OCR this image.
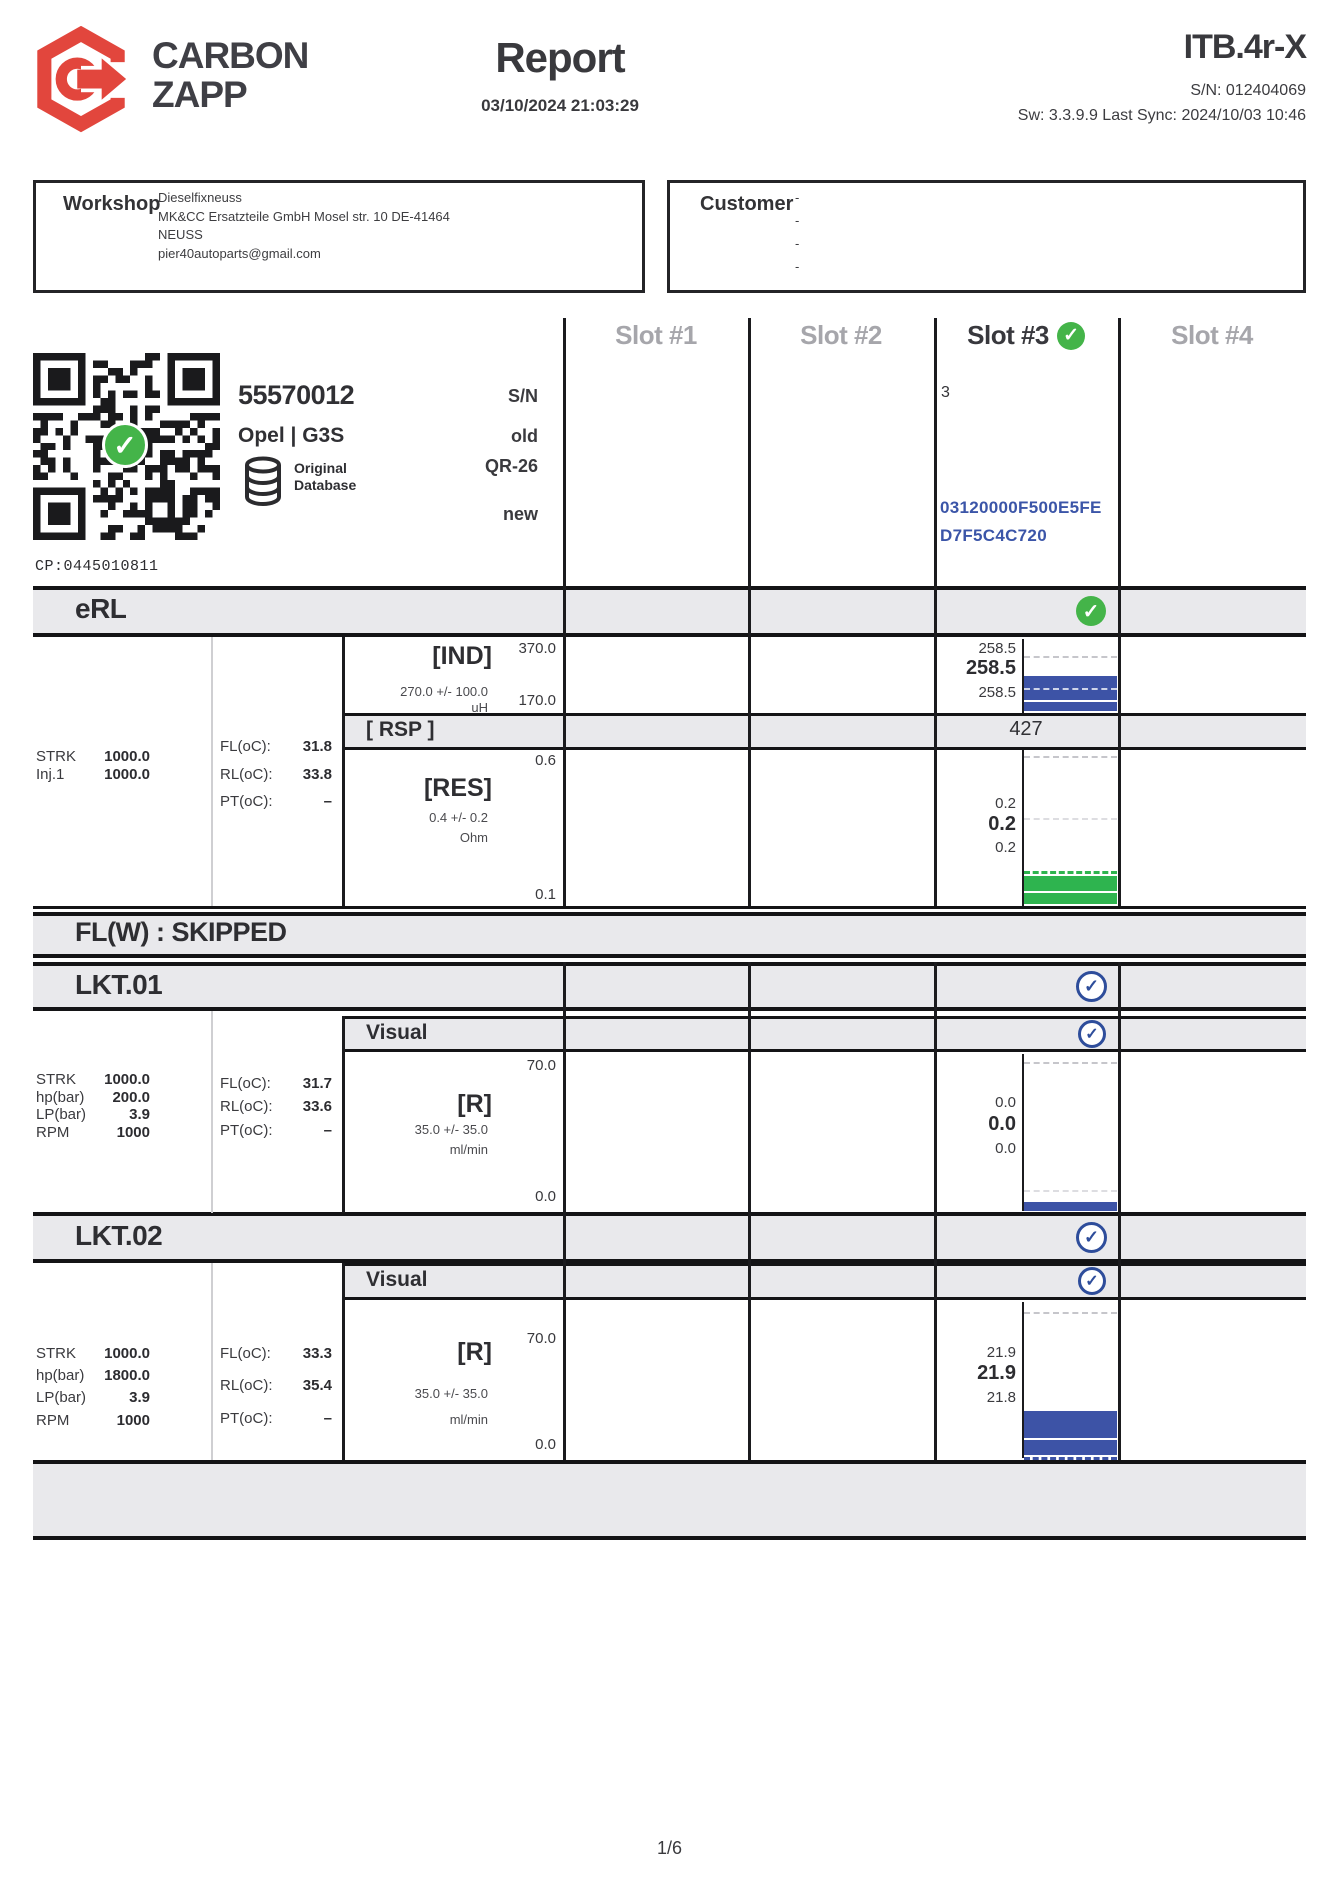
CARBON
ZAPP
Report
03/10/2024 21:03:29
ITB.4r-X
S/N: 012404069
Sw: 3.3.9.9 Last Sync: 2024/10/03 10:46
Workshop
Dieselfixneuss
MK&CC Ersatzteile GmbH Mosel str. 10 DE-41464
NEUSS
pier40autoparts@gmail.com
Customer -
-
-
-
Slot #1	Slot #2	Slot #3 ✓	Slot #4
✓
CP:0445010811
55570012
Opel | G3S
Original
Database
S/N
old
QR-26
new
3
03120000F500E5FE
D7F5C4C720
eRL	✓
STRK 1000.0
Inj.1	1000.0
FL(oC): 31.8
RL(oC): 33.8
PT(oC):	–
[IND]
270.0 +/- 100.0
uH
370.0
170.0
258.5
258.5
258.5
[ RSP ]	427
[RES]
0.4 +/- 0.2
Ohm
0.6
0.1
0.2
0.2
0.2
FL(W) : SKIPPED
LKT.01	✓
Visual	✓
STRK 1000.0
hp(bar) 200.0
LP(bar)	3.9
RPM	1000
FL(oC): 31.7
RL(oC): 33.6
PT(oC):	–
[R]
35.0 +/- 35.0
ml/min
70.0
0.0
0.0
0.0
0.0
LKT.02	✓
Visual	✓
STRK 1000.0
hp(bar) 1800.0
LP(bar)	3.9
RPM	1000
FL(oC): 33.3
RL(oC): 35.4
PT(oC):	–
[R]
35.0 +/- 35.0
ml/min
70.0
0.0
21.9
21.9
21.8
1/6
